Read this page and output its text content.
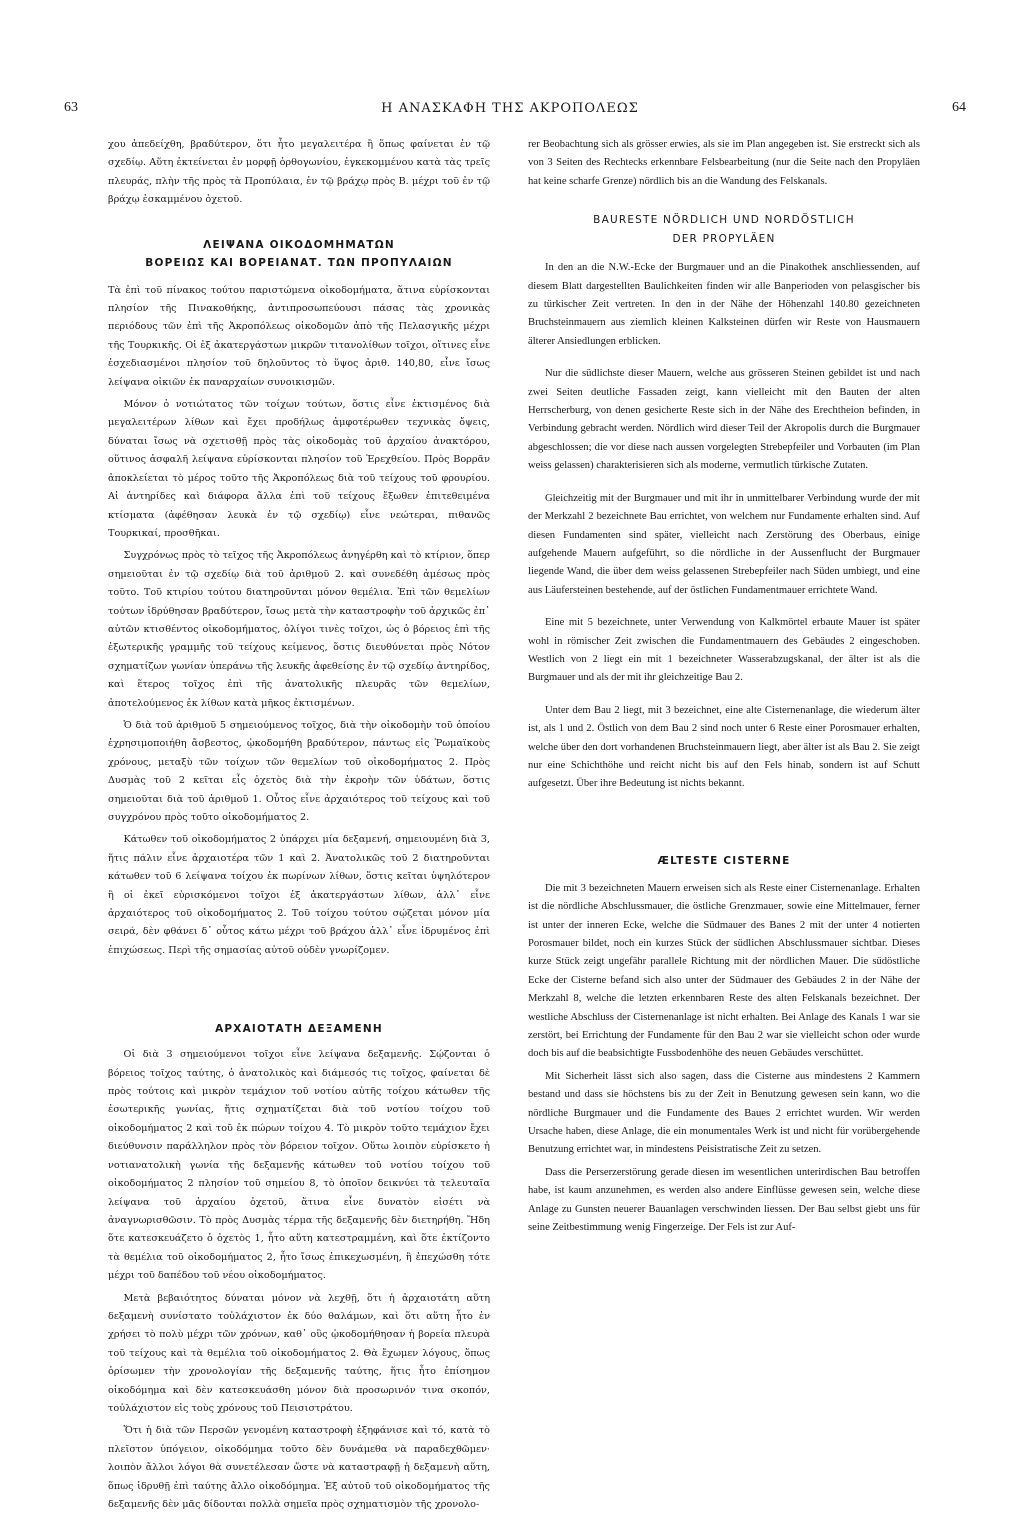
63	Η ΑΝΑΣΚΑΦΗ ΤΗΣ ΑΚΡΟΠΟΛΕΩΣ	64

χου ἀπεδείχθη, βραδύτερον, ὅτι ἦτο μεγαλειτέρα ἢ ὅπως φαίνεται ἐν τῷ σχεδίῳ. Αὕτη ἐκτείνεται ἐν μορφῇ ὀρθογωνίου, ἐγκεκομμένου κατὰ τὰς τρεῖς πλευράς, πλὴν τῆς πρὸς τὰ Προπύλαια, ἐν τῷ βράχῳ πρὸς Β. μέχρι τοῦ ἐν τῷ βράχῳ ἐσκαμμένου ὀχετοῦ.

ΛΕΙΨΑΝΑ ΟΙΚΟΔΟΜΗΜΑΤΩΝ
ΒΟΡΕΙΩΣ ΚΑΙ ΒΟΡΕΙΑΝΑΤ. ΤΩΝ ΠΡΟΠΥΛΑΙΩΝ

Τὰ ἐπὶ τοῦ πίνακος τούτου παριστώμενα οἰκοδομήματα, ἅτινα εὑρίσκονται πλησίον τῆς Πινακοθήκης, ἀντιπροσωπεύουσι πάσας τὰς χρονικὰς περιόδους τῶν ἐπὶ τῆς Ἀκροπόλεως οἰκοδομῶν ἀπὸ τῆς Πελασγικῆς μέχρι τῆς Τουρκικῆς. Οἱ ἐξ ἀκατεργάστων μικρῶν τιτανολίθων τοῖχοι, οἵτινες εἶνε ἐσχεδιασμένοι πλησίον τοῦ δηλοῦντος τὸ ὕψος ἀριθ. 140,80, εἶνε ἴσως λείψανα οἰκιῶν ἐκ παναρχαίων συνοικισμῶν.

Μόνον ὁ νοτιώτατος τῶν τοίχων τούτων, ὅστις εἶνε ἐκτισμένος διὰ μεγαλειτέρων λίθων καὶ ἔχει προδήλως ἀμφοτέρωθεν τεχνικὰς ὄψεις, δύναται ἴσως νὰ σχετισθῇ πρὸς τὰς οἰκοδομὰς τοῦ ἀρχαίου ἀνακτόρου, οὕτινος ἀσφαλῆ λείψανα εὑρίσκονται πλησίον τοῦ Ἐρεχθείου. Πρὸς Βορρᾶν ἀποκλείεται τὸ μέρος τοῦτο τῆς Ἀκροπόλεως διὰ τοῦ τείχους τοῦ φρουρίου. Αἱ ἀντηρίδες καὶ διάφορα ἄλλα ἐπὶ τοῦ τείχους ἔξωθεν ἐπιτεθειμένα κτίσματα (ἀφέθησαν λευκὰ ἐν τῷ σχεδίῳ) εἶνε νεώτεραι, πιθανῶς Τουρκικαί, προσθῆκαι.

Συγχρόνως πρὸς τὸ τεῖχος τῆς Ἀκροπόλεως ἀνηγέρθη καὶ τὸ κτίριον, ὅπερ σημειοῦται ἐν τῷ σχεδίῳ διὰ τοῦ ἀριθμοῦ 2. καὶ συνεδέθη ἀμέσως πρὸς τοῦτο. Τοῦ κτιρίου τούτου διατηροῦνται μόνον θεμέλια. Ἐπὶ τῶν θεμελίων τούτων ἱδρύθησαν βραδύτερον, ἴσως μετὰ τὴν καταστροφὴν τοῦ ἀρχικῶς ἐπ᾽ αὐτῶν κτισθέντος οἰκοδομήματος, ὀλίγοι τινὲς τοῖχοι, ὡς ὁ βόρειος ἐπὶ τῆς ἐξωτερικῆς γραμμῆς τοῦ τείχους κείμενος, ὅστις διευθύνεται πρὸς Νότον σχηματίζων γωνίαν ὑπεράνω τῆς λευκῆς ἀφεθείσης ἐν τῷ σχεδίῳ ἀντηρίδος, καὶ ἕτερος τοῖχος ἐπὶ τῆς ἀνατολικῆς πλευρᾶς τῶν θεμελίων, ἀποτελούμενος ἐκ λίθων κατὰ μῆκος ἐκτισμένων.

Ὁ διὰ τοῦ ἀριθμοῦ 5 σημειούμενος τοῖχος, διὰ τὴν οἰκοδομὴν τοῦ ὁποίου ἐχρησιμοποιήθη ἄσβεστος, ᾠκοδομήθη βραδύτερον, πάντως εἰς Ῥωμαϊκοὺς χρόνους, μεταξὺ τῶν τοίχων τῶν θεμελίων τοῦ οἰκοδομήματος 2. Πρὸς Δυσμὰς τοῦ 2 κεῖται εἷς ὀχετὸς διὰ τὴν ἐκροὴν τῶν ὑδάτων, ὅστις σημειοῦται διὰ τοῦ ἀριθμοῦ 1. Οὗτος εἶνε ἀρχαιότερος τοῦ τείχους καὶ τοῦ συγχρόνου πρὸς τοῦτο οἰκοδομήματος 2.

Κάτωθεν τοῦ οἰκοδομήματος 2 ὑπάρχει μία δεξαμενή, σημειουμένη διὰ 3, ἥτις πάλιν εἶνε ἀρχαιοτέρα τῶν 1 καὶ 2. Ἀνατολικῶς τοῦ 2 διατηροῦνται κάτωθεν τοῦ 6 λείψανα τοίχου ἐκ πωρίνων λίθων, ὅστις κεῖται ὑψηλότερον ἢ οἱ ἐκεῖ εὑρισκόμενοι τοῖχοι ἐξ ἀκατεργάστων λίθων, ἀλλ᾽ εἶνε ἀρχαιότερος τοῦ οἰκοδομήματος 2. Τοῦ τοίχου τούτου σῴζεται μόνον μία σειρά, δὲν φθάνει δ᾽ οὗτος κάτω μέχρι τοῦ βράχου ἀλλ᾽ εἶνε ἱδρυμένος ἐπὶ ἐπιχώσεως. Περὶ τῆς σημασίας αὐτοῦ οὐδὲν γνωρίζομεν.

ΑΡΧΑΙΟΤΑΤΗ ΔΕΞΑΜΕΝΗ

Οἱ διὰ 3 σημειούμενοι τοῖχοι εἶνε λείψανα δεξαμενῆς. Σῴζονται ὁ βόρειος τοῖχος ταύτης, ὁ ἀνατολικὸς καὶ διάμεσός τις τοῖχος, φαίνεται δὲ πρὸς τούτοις καὶ μικρὸν τεμάχιον τοῦ νοτίου αὐτῆς τοίχου κάτωθεν τῆς ἐσωτερικῆς γωνίας, ἥτις σχηματίζεται διὰ τοῦ νοτίου τοίχου τοῦ οἰκοδομήματος 2 καὶ τοῦ ἐκ πώρων τοίχου 4. Τὸ μικρὸν τοῦτο τεμάχιον ἔχει διεύθυνσιν παράλληλον πρὸς τὸν βόρειον τοῖχον. Οὕτω λοιπὸν εὑρίσκετο ἡ νοτιανατολικὴ γωνία τῆς δεξαμενῆς κάτωθεν τοῦ νοτίου τοίχου τοῦ οἰκοδομήματος 2 πλησίον τοῦ σημείου 8, τὸ ὁποῖον δεικνύει τὰ τελευταῖα λείψανα τοῦ ἀρχαίου ὀχετοῦ, ἅτινα εἶνε δυνατὸν εἰσέτι νὰ ἀναγνωρισθῶσιν. Τὸ πρὸς Δυσμὰς τέρμα τῆς δεξαμενῆς δὲν διετηρήθη. Ἤδη ὅτε κατεσκευάζετο ὁ ὀχετὸς 1, ἦτο αὕτη κατεστραμμένη, καὶ ὅτε ἐκτίζοντο τὰ θεμέλια τοῦ οἰκοδομήματος 2, ἦτο ἴσως ἐπικεχωσμένη, ἢ ἐπεχώσθη τότε μέχρι τοῦ δαπέδου τοῦ νέου οἰκοδομήματος.

Μετὰ βεβαιότητος δύναται μόνον νὰ λεχθῇ, ὅτι ἡ ἀρχαιοτάτη αὕτη δεξαμενὴ συνίστατο τοὐλάχιστον ἐκ δύο θαλάμων, καὶ ὅτι αὕτη ἦτο ἐν χρήσει τὸ πολὺ μέχρι τῶν χρόνων, καθ᾽ οὓς ᾠκοδομήθησαν ἡ βορεία πλευρὰ τοῦ τείχους καὶ τὰ θεμέλια τοῦ οἰκοδομήματος 2. Θὰ ἔχωμεν λόγους, ὅπως ὁρίσωμεν τὴν χρονολογίαν τῆς δεξαμενῆς ταύτης, ἥτις ἦτο ἐπίσημον οἰκοδόμημα καὶ δὲν κατεσκευάσθη μόνον διὰ προσωρινόν τινα σκοπόν, τοὐλάχιστον εἰς τοὺς χρόνους τοῦ Πεισιστράτου.

Ὅτι ἡ διὰ τῶν Περσῶν γενομένη καταστροφὴ ἐξηφάνισε καὶ τό, κατὰ τὸ πλεῖστον ὑπόγειον, οἰκοδόμημα τοῦτο δὲν δυνάμεθα νὰ παραδεχθῶμεν· λοιπὸν ἄλλοι λόγοι θὰ συνετέλεσαν ὥστε νὰ καταστραφῇ ἡ δεξαμενὴ αὕτη, ὅπως ἱδρυθῇ ἐπὶ ταύτης ἄλλο οἰκοδόμημα. Ἐξ αὐτοῦ τοῦ οἰκοδομήματος τῆς δεξαμενῆς δὲν μᾶς δίδονται πολλὰ σημεῖα πρὸς σχηματισμὸν τῆς χρονολο-

rer Beobachtung sich als grösser erwies, als sie im Plan angegeben ist. Sie erstreckt sich als von 3 Seiten des Rechtecks erkennbare Felsbearbeitung (nur die Seite nach den Propyläen hat keine scharfe Grenze) nördlich bis an die Wandung des Felskanals.

BAURESTE NÖRDLICH UND NORDÖSTLICH
DER PROPYLÄEN

In den an die N.W.-Ecke der Burgmauer und an die Pinakothek anschliessenden, auf diesem Blatt dargestellten Baulichkeiten finden wir alle Banperioden von pelasgischer bis zu türkischer Zeit vertreten. In den in der Nähe der Höhenzahl 140.80 gezeichneten Bruchsteinmauern aus ziemlich kleinen Kalksteinen dürfen wir Reste von Hausmauern älterer Ansiedlungen erblicken.

Nur die südlichste dieser Mauern, welche aus grösseren Steinen gebildet ist und nach zwei Seiten deutliche Fassaden zeigt, kann vielleicht mit den Bauten der alten Herrscherburg, von denen gesicherte Reste sich in der Nähe des Erechtheion befinden, in Verbindung gebracht werden. Nördlich wird dieser Teil der Akropolis durch die Burgmauer abgeschlossen; die vor diese nach aussen vorgelegten Strebepfeiler und Vorbauten (im Plan weiss gelassen) charakterisieren sich als moderne, vermutlich türkische Zutaten.

Gleichzeitig mit der Burgmauer und mit ihr in unmittelbarer Verbindung wurde der mit der Merkzahl 2 bezeichnete Bau errichtet, von welchem nur Fundamente erhalten sind. Auf diesen Fundamenten sind später, vielleicht nach Zerstörung des Oberbaus, einige aufgehende Mauern aufgeführt, so die nördliche in der Aussenflucht der Burgmauer liegende Wand, die über dem weiss gelassenen Strebepfeiler nach Süden umbiegt, und eine aus Läufersteinen bestehende, auf der östlichen Fundamentmauer errichtete Wand.

Eine mit 5 bezeichnete, unter Verwendung von Kalkmörtel erbaute Mauer ist später wohl in römischer Zeit zwischen die Fundamentmauern des Gebäudes 2 eingeschoben. Westlich von 2 liegt ein mit 1 bezeichneter Wasserabzugskanal, der älter ist als die Burgmauer und als der mit ihr gleichzeitige Bau 2.

Unter dem Bau 2 liegt, mit 3 bezeichnet, eine alte Cisternenanlage, die wiederum älter ist, als 1 und 2. Östlich von dem Bau 2 sind noch unter 6 Reste einer Porosmauer erhalten, welche über den dort vorhandenen Bruchsteinmauern liegt, aber älter ist als Bau 2. Sie zeigt nur eine Schichthöhe und reicht nicht bis auf den Fels hinab, sondern ist auf Schutt aufgesetzt. Über ihre Bedeutung ist nichts bekannt.

ÆLTESTE CISTERNE

Die mit 3 bezeichneten Mauern erweisen sich als Reste einer Cisternenanlage. Erhalten ist die nördliche Abschlussmauer, die östliche Grenzmauer, sowie eine Mittelmauer, ferner ist unter der inneren Ecke, welche die Südmauer des Banes 2 mit der unter 4 notierten Porosmauer bildet, noch ein kurzes Stück der südlichen Abschlussmauer sichtbar. Dieses kurze Stück zeigt ungefähr parallele Richtung mit der nördlichen Mauer. Die südöstliche Ecke der Cisterne befand sich also unter der Südmauer des Gebäudes 2 in der Nähe der Merkzahl 8, welche die letzten erkennbaren Reste des alten Felskanals bezeichnet. Der westliche Abschluss der Cisternenanlage ist nicht erhalten. Bei Anlage des Kanals 1 war sie zerstört, bei Errichtung der Fundamente für den Bau 2 war sie vielleicht schon oder wurde doch bis auf die beabsichtigte Fussbodenhöhe des neuen Gebäudes verschüttet.

Mit Sicherheit lässt sich also sagen, dass die Cisterne aus mindestens 2 Kammern bestand und dass sie höchstens bis zu der Zeit in Benutzung gewesen sein kann, wo die nördliche Burgmauer und die Fundamente des Baues 2 errichtet wurden. Wir werden Ursache haben, diese Anlage, die ein monumentales Werk ist und nicht für vorübergehende Benutzung errichtet war, in mindestens Peisistratische Zeit zu setzen.

Dass die Perserzerstörung gerade diesen im wesentlichen unterirdischen Bau betroffen habe, ist kaum anzunehmen, es werden also andere Einflüsse gewesen sein, welche diese Anlage zu Gunsten neuerer Bauanlagen verschwinden liessen. Der Bau selbst giebt uns für seine Zeitbestimmung wenig Fingerzeige. Der Fels ist zur Auf-
